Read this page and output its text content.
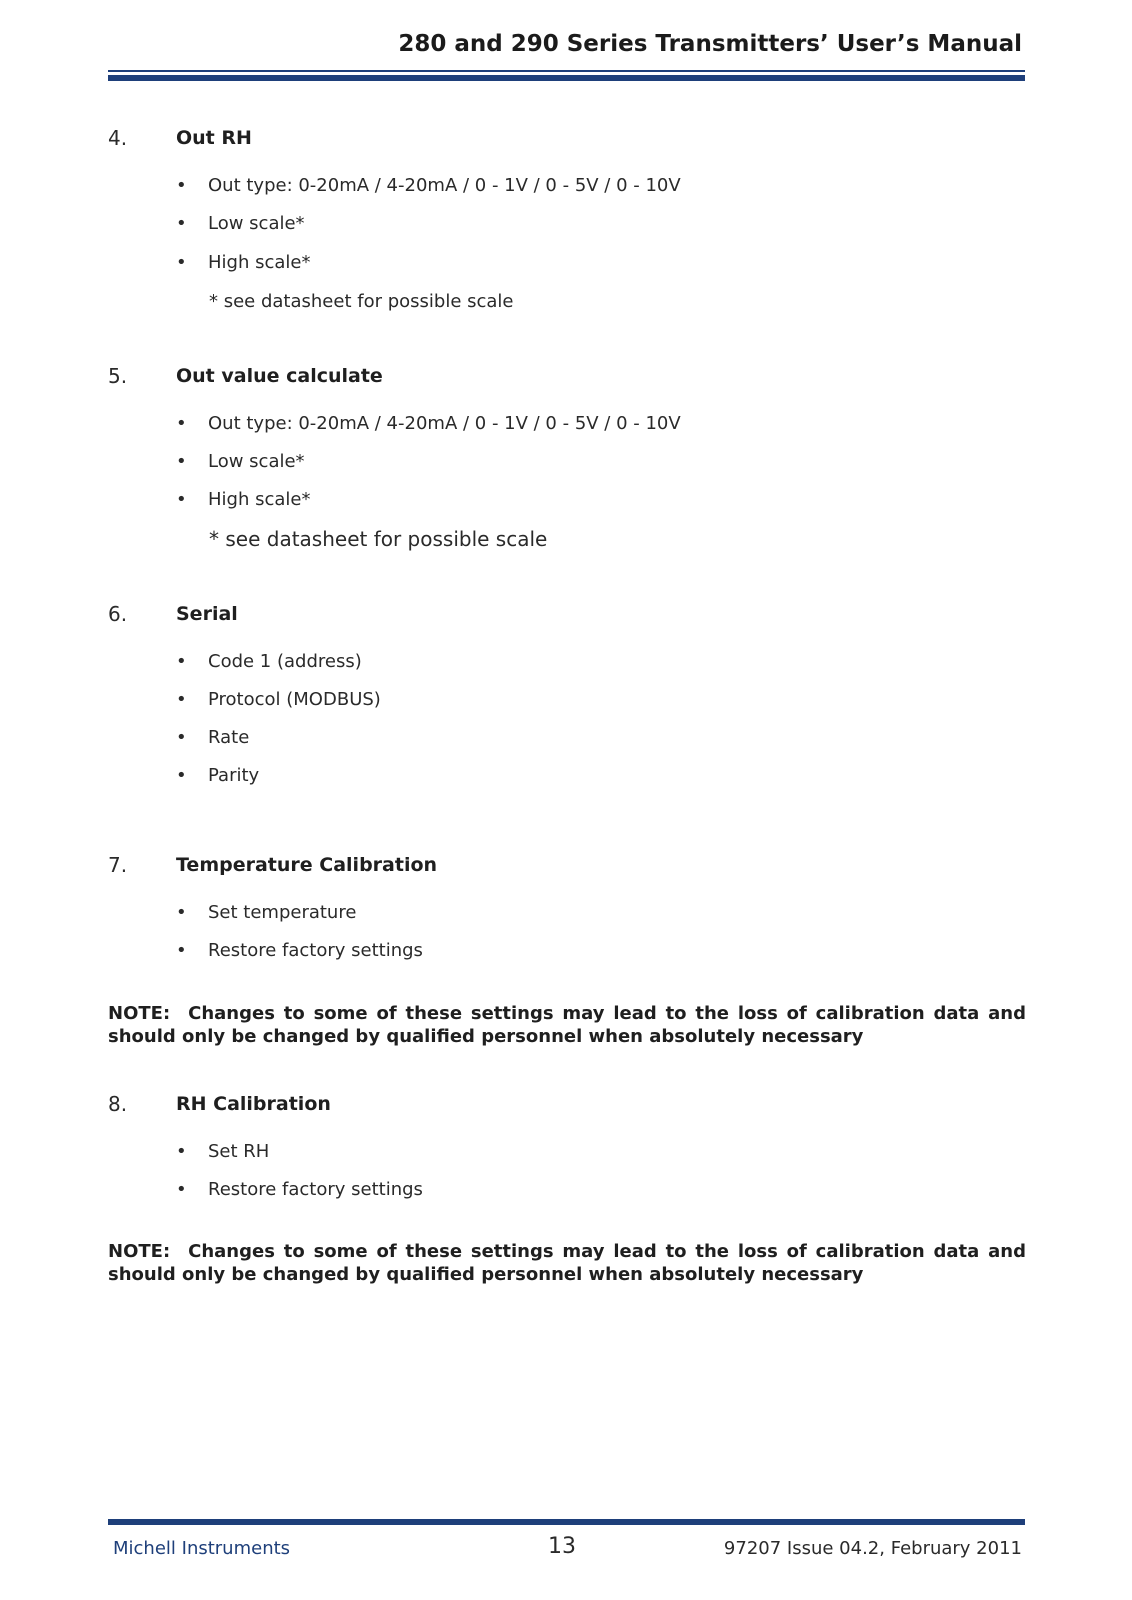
280 and 290 Series Transmitters’ User’s Manual
4.	Out RH
• Out type: 0-20mA / 4-20mA / 0 - 1V / 0 - 5V / 0 - 10V
• Low scale*
• High scale*
* see datasheet for possible scale
5.	Out value calculate
• Out type: 0-20mA / 4-20mA / 0 - 1V / 0 - 5V / 0 - 10V
• Low scale*
• High scale*
* see datasheet for possible scale
6.	Serial
• Code 1 (address)
• Protocol (MODBUS)
• Rate
• Parity
7.	Temperature Calibration
• Set temperature
• Restore factory settings
NOTE: Changes to some of these settings may lead to the loss of calibration data and should only be changed by qualified personnel when absolutely necessary
8.	RH Calibration
• Set RH
• Restore factory settings
NOTE: Changes to some of these settings may lead to the loss of calibration data and should only be changed by qualified personnel when absolutely necessary
Michell Instruments	13	97207 Issue 04.2, February 2011
